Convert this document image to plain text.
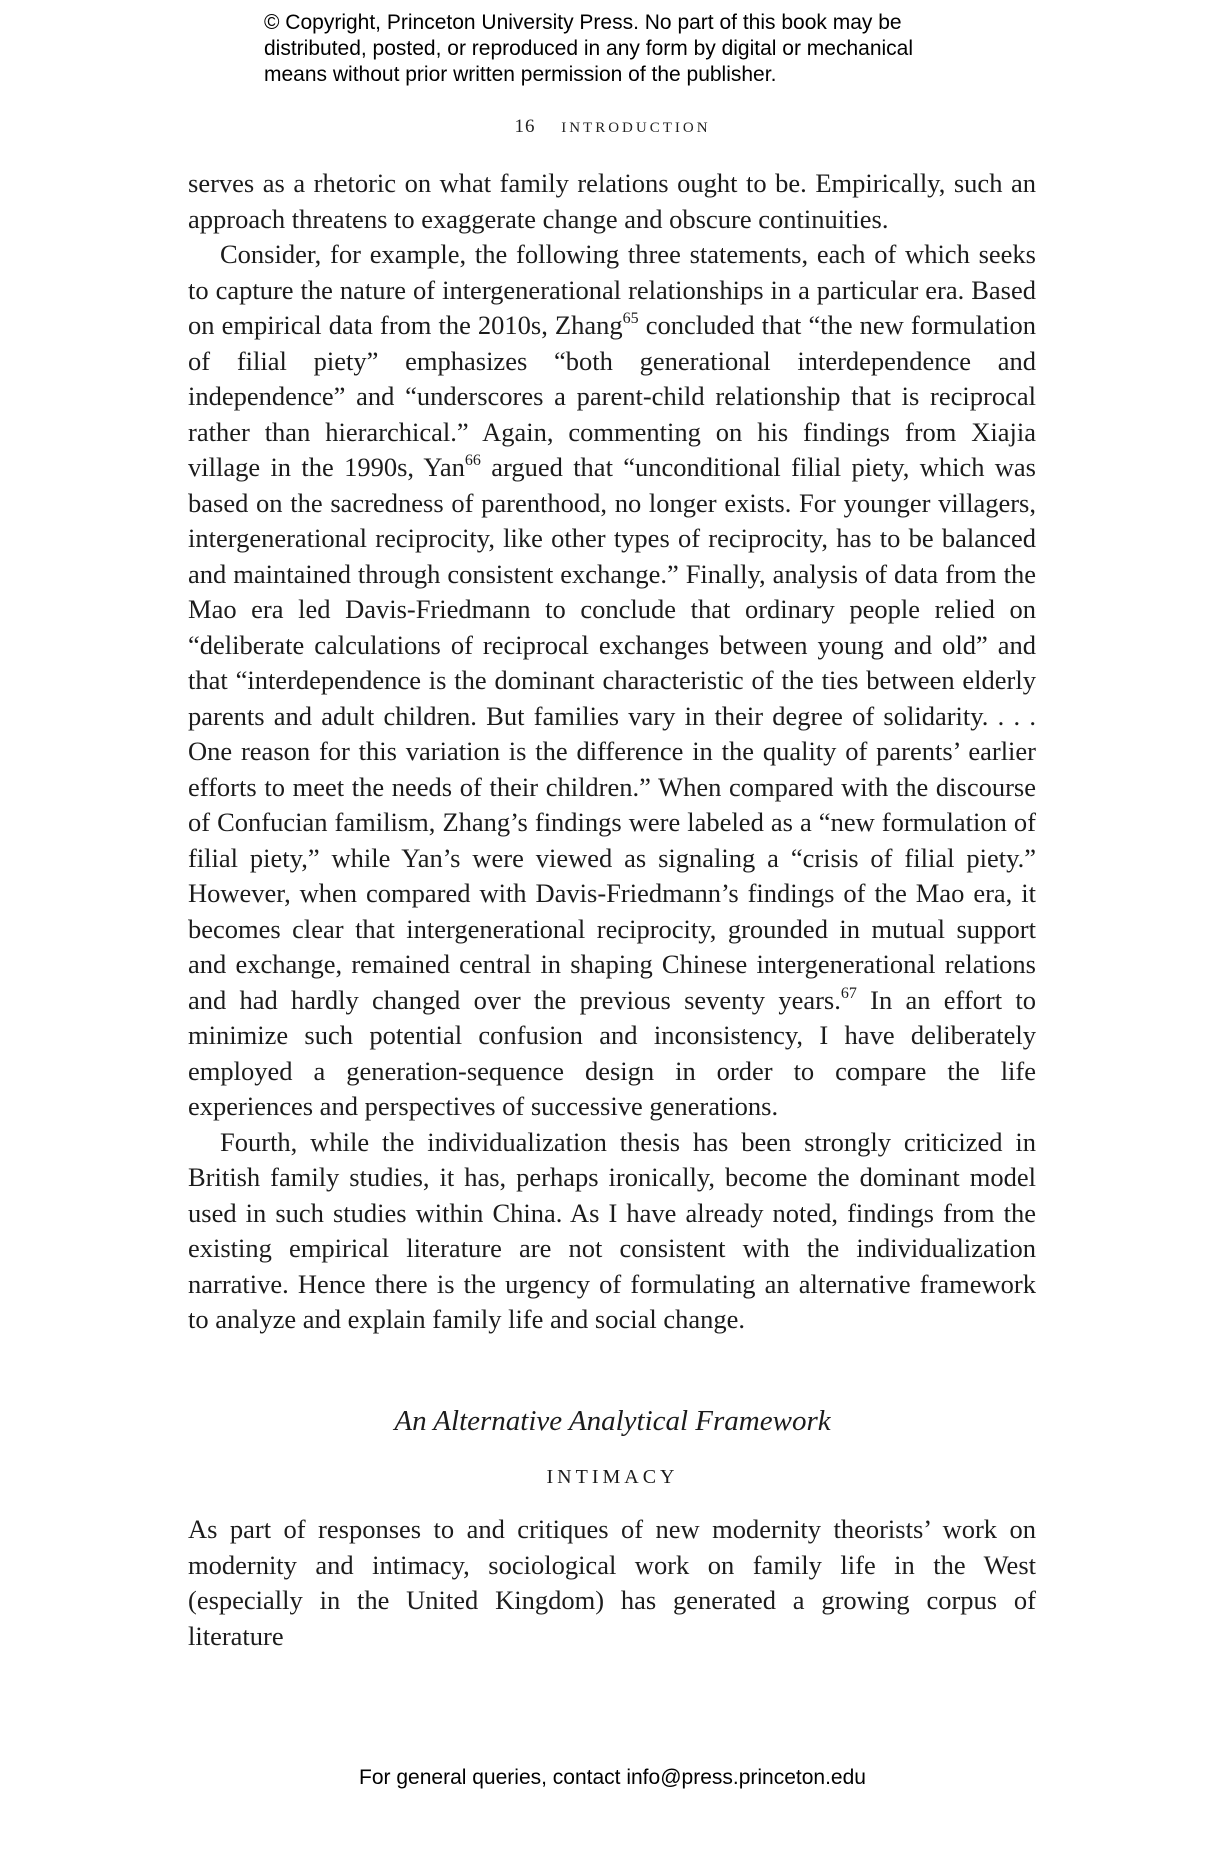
© Copyright, Princeton University Press. No part of this book may be
distributed, posted, or reproduced in any form by digital or mechanical
means without prior written permission of the publisher.
16 introduction

serves as a rhetoric on what family relations ought to be. Empirically, such an approach threatens to exaggerate change and obscure continuities.

Consider, for example, the following three statements, each of which seeks to capture the nature of intergenerational relationships in a particular era. Based on empirical data from the 2010s, Zhang$^{65}$ concluded that “the new formulation of filial piety” emphasizes “both generational interdependence and independence” and “underscores a parent-child relationship that is reciprocal rather than hierarchical.” Again, commenting on his findings from Xiajia village in the 1990s, Yan$^{66}$ argued that “unconditional filial piety, which was based on the sacredness of parenthood, no longer exists. For younger villagers, intergenerational reciprocity, like other types of reciprocity, has to be balanced and maintained through consistent exchange.” Finally, analysis of data from the Mao era led Davis-Friedmann to conclude that ordinary people relied on “deliberate calculations of reciprocal exchanges between young and old” and that “interdependence is the dominant characteristic of the ties between elderly parents and adult children. But families vary in their degree of solidarity. . . . One reason for this variation is the difference in the quality of parents’ earlier efforts to meet the needs of their children.” When compared with the discourse of Confucian familism, Zhang’s findings were labeled as a “new formulation of filial piety,” while Yan’s were viewed as signaling a “crisis of filial piety.” However, when compared with Davis-Friedmann’s findings of the Mao era, it becomes clear that intergenerational reciprocity, grounded in mutual support and exchange, remained central in shaping Chinese intergenerational relations and had hardly changed over the previous seventy years.$^{67}$ In an effort to minimize such potential confusion and inconsistency, I have deliberately employed a generation-sequence design in order to compare the life experiences and perspectives of successive generations.

Fourth, while the individualization thesis has been strongly criticized in British family studies, it has, perhaps ironically, become the dominant model used in such studies within China. As I have already noted, findings from the existing empirical literature are not consistent with the individualization narrative. Hence there is the urgency of formulating an alternative framework to analyze and explain family life and social change.

An Alternative Analytical Framework
INTIMACY

As part of responses to and critiques of new modernity theorists’ work on modernity and intimacy, sociological work on family life in the West (especially in the United Kingdom) has generated a growing corpus of literature

For general queries, contact info@press.princeton.edu
